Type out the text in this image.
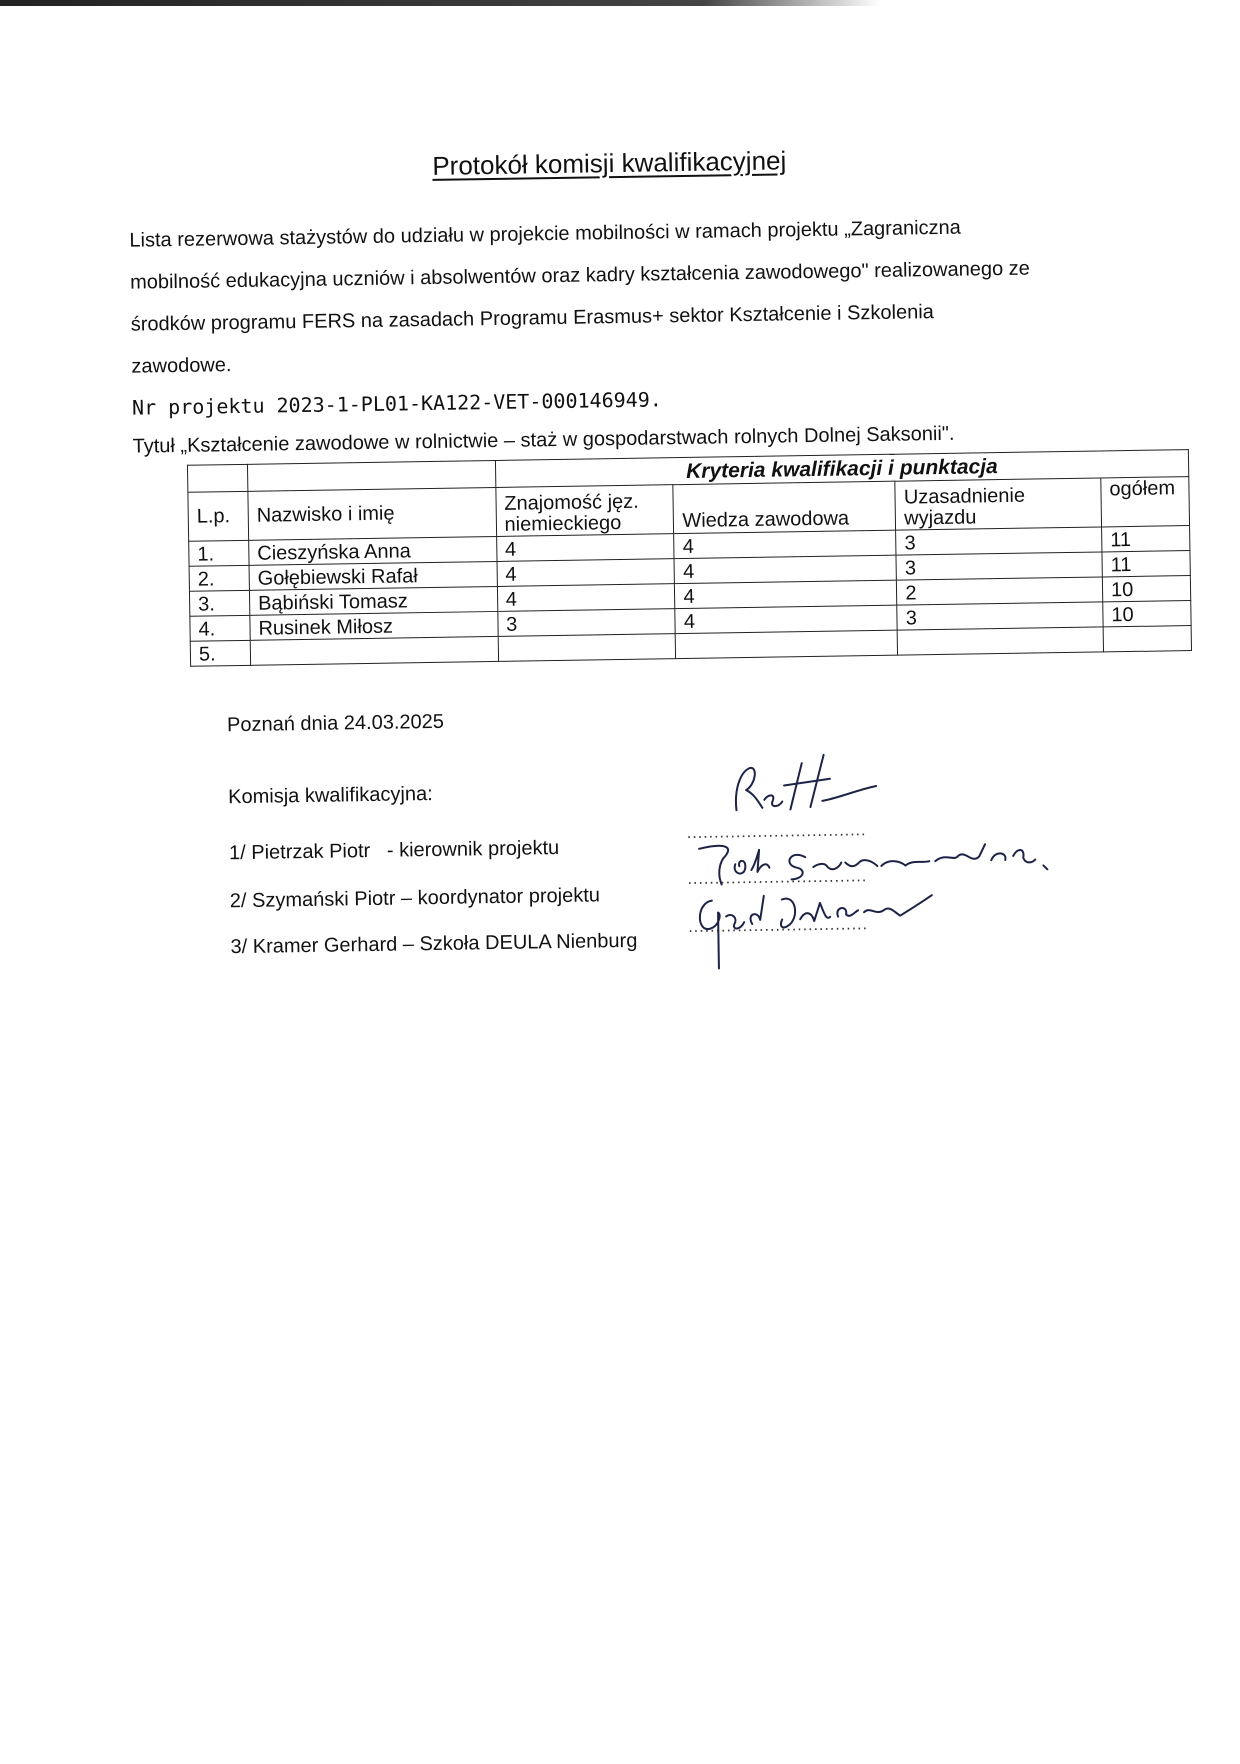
Protokół komisji kwalifikacyjnej
Lista rezerwowa stażystów do udziału w projekcie mobilności w ramach projektu „Zagraniczna
mobilność edukacyjna uczniów i absolwentów oraz kadry kształcenia zawodowego" realizowanego ze
środków programu FERS na zasadach Programu Erasmus+ sektor Kształcenie i Szkolenia
zawodowe.
Nr projektu 2023-1-PL01-KA122-VET-000146949.
Tytuł „Kształcenie zawodowe w rolnictwie – staż w gospodarstwach rolnych Dolnej Saksonii".
		Kryteria kwalifikacji i punktacja			
L.p.	Nazwisko i imię	Znajomość jęz. niemieckiego	Wiedza zawodowa	Uzasadnienie wyjazdu	ogółem
1.	Cieszyńska Anna	4	4	3	11
2.	Gołębiewski Rafał	4	4	3	11
3.	Bąbiński Tomasz	4	4	2	10
4.	Rusinek Miłosz	3	4	3	10
5.					
Poznań dnia 24.03.2025
Komisja kwalifikacyjna:
1/ Pietrzak Piotr   - kierownik projektu
2/ Szymański Piotr – koordynator projektu
3/ Kramer Gerhard – Szkoła DEULA Nienburg
.................................
.................................
.................................
